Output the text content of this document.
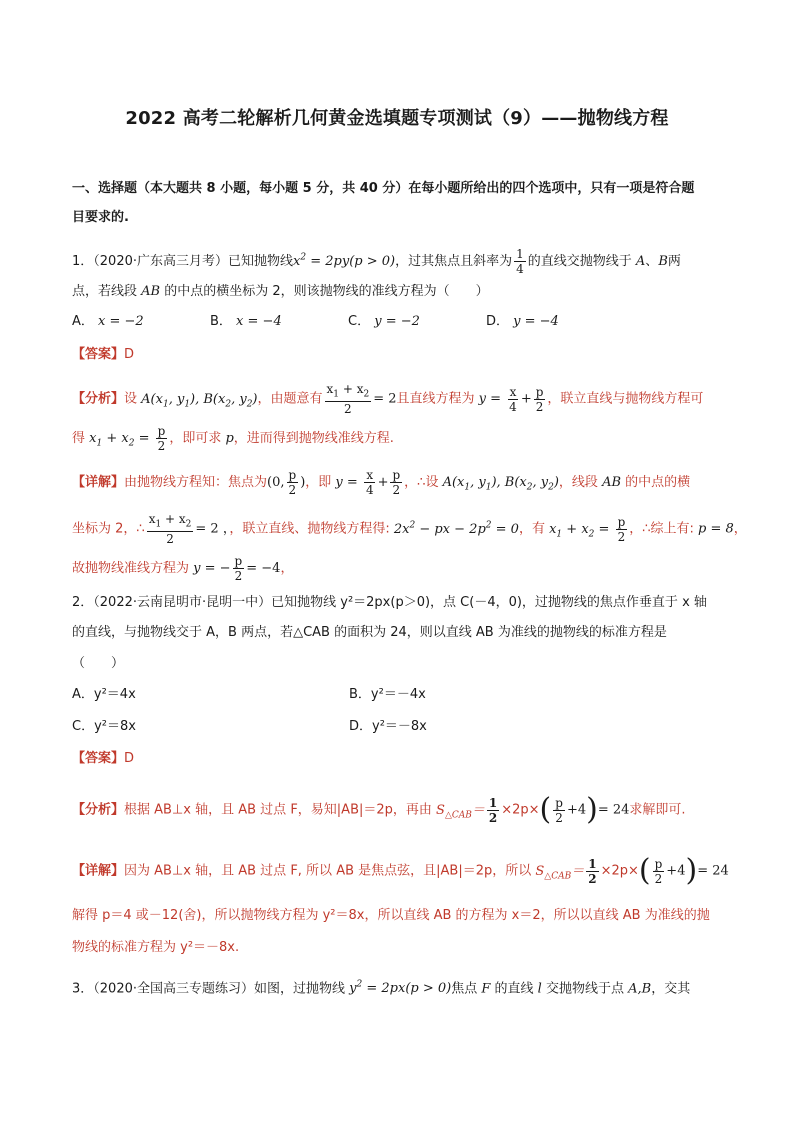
2022 高考二轮解析几何黄金选填题专项测试（9）——抛物线方程
一、选择题（本大题共 8 小题，每小题 5 分，共 40 分）在每小题所给出的四个选项中，只有一项是符合题
目要求的.
1．（2020·广东高三月考）已知抛物线$x^2 = 2py(p > 0)$，过其焦点且斜率为 $\frac{1}{4}$ 的直线交抛物线于 A、B两
点，若线段 AB 的中点的横坐标为 2，则该抛物线的准线方程为（　　）
A． x = −2	B． x = −4	C． y = −2	D． y = −4
【答案】D
【分析】设 $A(x_1$, $y_1$), $B(x_2$, $y_2$)，由题意有 $\frac{x_1 + x_2}{2} = 2$且直线方程为 $y = \frac{x}{4} + \frac{p}{2}$ ，联立直线与抛物线方程可
得 $x_1 + x_2 = \frac{p}{2}$ ，即可求 p，进而得到抛物线准线方程.
【详解】由抛物线方程知：焦点为(0, $\frac{p}{2}$ )，即 $y = \frac{x}{4} + \frac{p}{2}$ ，∴设 $A(x_1$, $y_1$), $B(x_2$, $y_2$)，线段 AB 的中点的横
坐标为 2，∴ $\frac{x_1 + x_2}{2} = 2$ ，，联立直线、抛物线方程得: $2x^2$ − px − $2p^2 = 0$，有 $x_1 + x_2 = \frac{p}{2}$ ，∴综上有: p = 8，
故抛物线准线方程为 y = − $\frac{p}{2} = -4$，
2．（2022·云南昆明市·昆明一中）已知抛物线 y²＝2px(p＞0)，点 C(－4，0)，过抛物线的焦点作垂直于 x 轴
的直线，与抛物线交于 A，B 两点，若△CAB 的面积为 24，则以直线 AB 为准线的抛物线的标准方程是
（　　）
A．y²＝4x	B．y²＝－4x
C．y²＝8x	D．y²＝－8x
【答案】D
【分析】根据 AB⊥x 轴，且 AB 过点 F，易知|AB|＝2p，再由 $S_{\triangle CAB}= \frac{1}{2} \times 2p\times( \frac{p}{2} +4)= 24$求解即可.
【详解】因为 AB⊥x 轴，且 AB 过点 F, 所以 AB 是焦点弦，且|AB|＝2p，所以 $S_{\triangle CAB}= \frac{1}{2} \times 2p\times( \frac{p}{2} +4)= 24$
解得 p＝4 或－12(舍)，所以抛物线方程为 y²＝8x，所以直线 AB 的方程为 x＝2，所以以直线 AB 为准线的抛
物线的标准方程为 y²＝－8x.
3．（2020·全国高三专题练习）如图，过抛物线 $y^2 = 2px(p > 0)$焦点 F 的直线 l 交抛物线于点 A,B，交其
